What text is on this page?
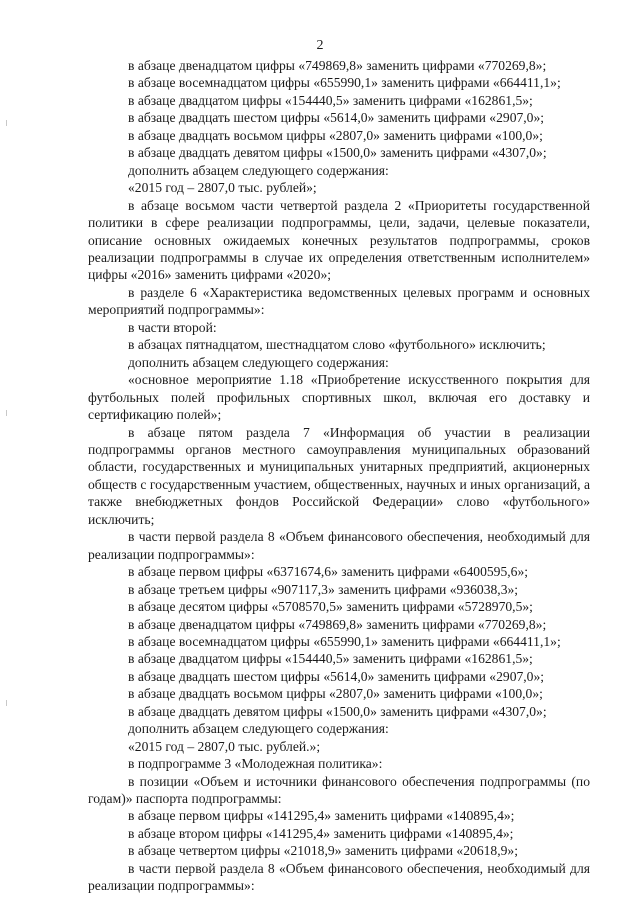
2
в абзаце двенадцатом цифры «749869,8» заменить цифрами «770269,8»;
в абзаце восемнадцатом цифры «655990,1» заменить цифрами «664411,1»;
в абзаце двадцатом цифры «154440,5» заменить цифрами «162861,5»;
в абзаце двадцать шестом цифры «5614,0» заменить цифрами «2907,0»;
в абзаце двадцать восьмом цифры «2807,0» заменить цифрами «100,0»;
в абзаце двадцать девятом цифры «1500,0» заменить цифрами «4307,0»;
дополнить абзацем следующего содержания:
«2015 год – 2807,0 тыс. рублей»;
в абзаце восьмом части четвертой раздела 2 «Приоритеты государственной политики в сфере реализации подпрограммы, цели, задачи, целевые показатели, описание основных ожидаемых конечных результатов подпрограммы, сроков реализации подпрограммы в случае их определения ответственным исполнителем» цифры «2016» заменить цифрами «2020»;
в разделе 6 «Характеристика ведомственных целевых программ и основных мероприятий подпрограммы»:
в части второй:
в абзацах пятнадцатом, шестнадцатом слово «футбольного» исключить;
дополнить абзацем следующего содержания:
«основное мероприятие 1.18 «Приобретение искусственного покрытия для футбольных полей профильных спортивных школ, включая его доставку и сертификацию полей»;
в абзаце пятом раздела 7 «Информация об участии в реализации подпрограммы органов местного самоуправления муниципальных образований области, государственных и муниципальных унитарных предприятий, акционерных обществ с государственным участием, общественных, научных и иных организаций, а также внебюджетных фондов Российской Федерации» слово «футбольного» исключить;
в части первой раздела 8 «Объем финансового обеспечения, необходимый для реализации подпрограммы»:
в абзаце первом цифры «6371674,6» заменить цифрами «6400595,6»;
в абзаце третьем цифры «907117,3» заменить цифрами «936038,3»;
в абзаце десятом цифры «5708570,5» заменить цифрами «5728970,5»;
в абзаце двенадцатом цифры «749869,8» заменить цифрами «770269,8»;
в абзаце восемнадцатом цифры «655990,1» заменить цифрами «664411,1»;
в абзаце двадцатом цифры «154440,5» заменить цифрами «162861,5»;
в абзаце двадцать шестом цифры «5614,0» заменить цифрами «2907,0»;
в абзаце двадцать восьмом цифры «2807,0» заменить цифрами «100,0»;
в абзаце двадцать девятом цифры «1500,0» заменить цифрами «4307,0»;
дополнить абзацем следующего содержания:
«2015 год – 2807,0 тыс. рублей.»;
в подпрограмме 3 «Молодежная политика»:
в позиции «Объем и источники финансового обеспечения подпрограммы (по годам)» паспорта подпрограммы:
в абзаце первом цифры «141295,4» заменить цифрами «140895,4»;
в абзаце втором цифры «141295,4» заменить цифрами «140895,4»;
в абзаце четвертом цифры «21018,9» заменить цифрами «20618,9»;
в части первой раздела 8 «Объем финансового обеспечения, необходимый для реализации подпрограммы»:
